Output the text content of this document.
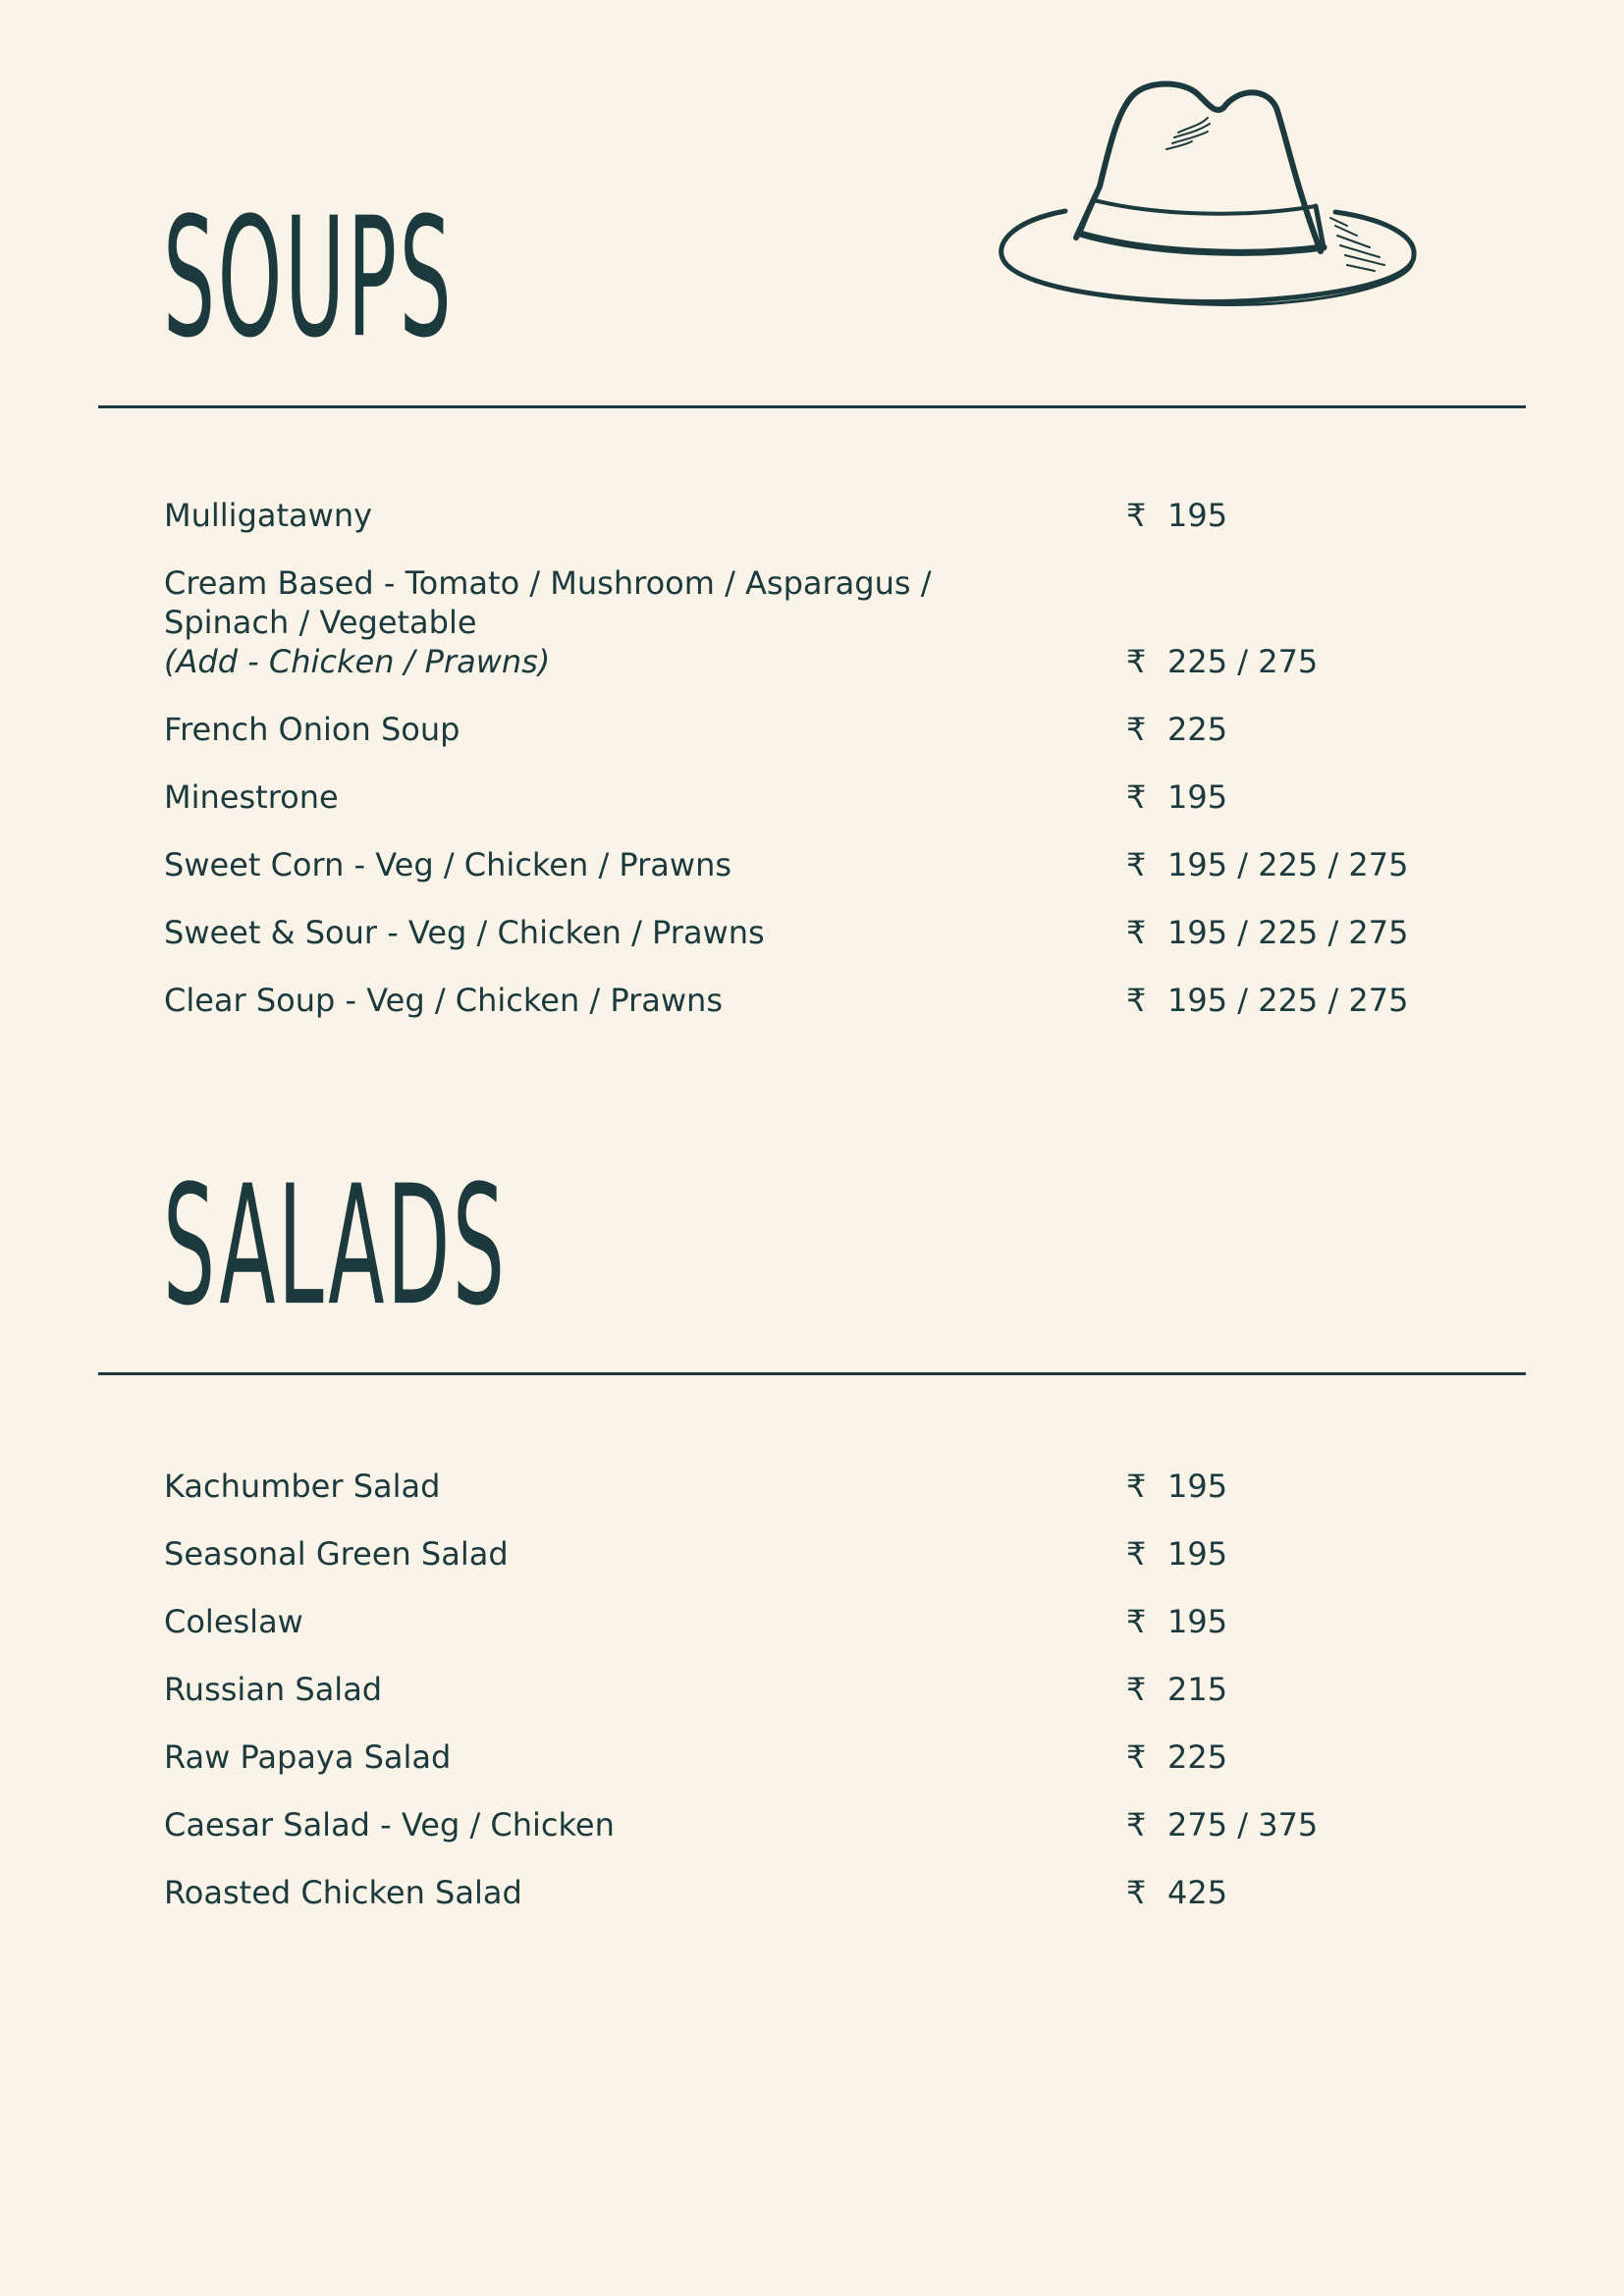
SOUPS
Mulligatawny	₹ 195
Cream Based - Tomato / Mushroom / Asparagus /
Spinach / Vegetable
(Add - Chicken / Prawns)	₹ 225 / 275
French Onion Soup	₹ 225
Minestrone	₹ 195
Sweet Corn - Veg / Chicken / Prawns	₹ 195 / 225 / 275
Sweet & Sour - Veg / Chicken / Prawns	₹ 195 / 225 / 275
Clear Soup - Veg / Chicken / Prawns	₹ 195 / 225 / 275
SALADS
Kachumber Salad	₹ 195
Seasonal Green Salad	₹ 195
Coleslaw	₹ 195
Russian Salad	₹ 215
Raw Papaya Salad	₹ 225
Caesar Salad - Veg / Chicken	₹ 275 / 375
Roasted Chicken Salad	₹ 425
